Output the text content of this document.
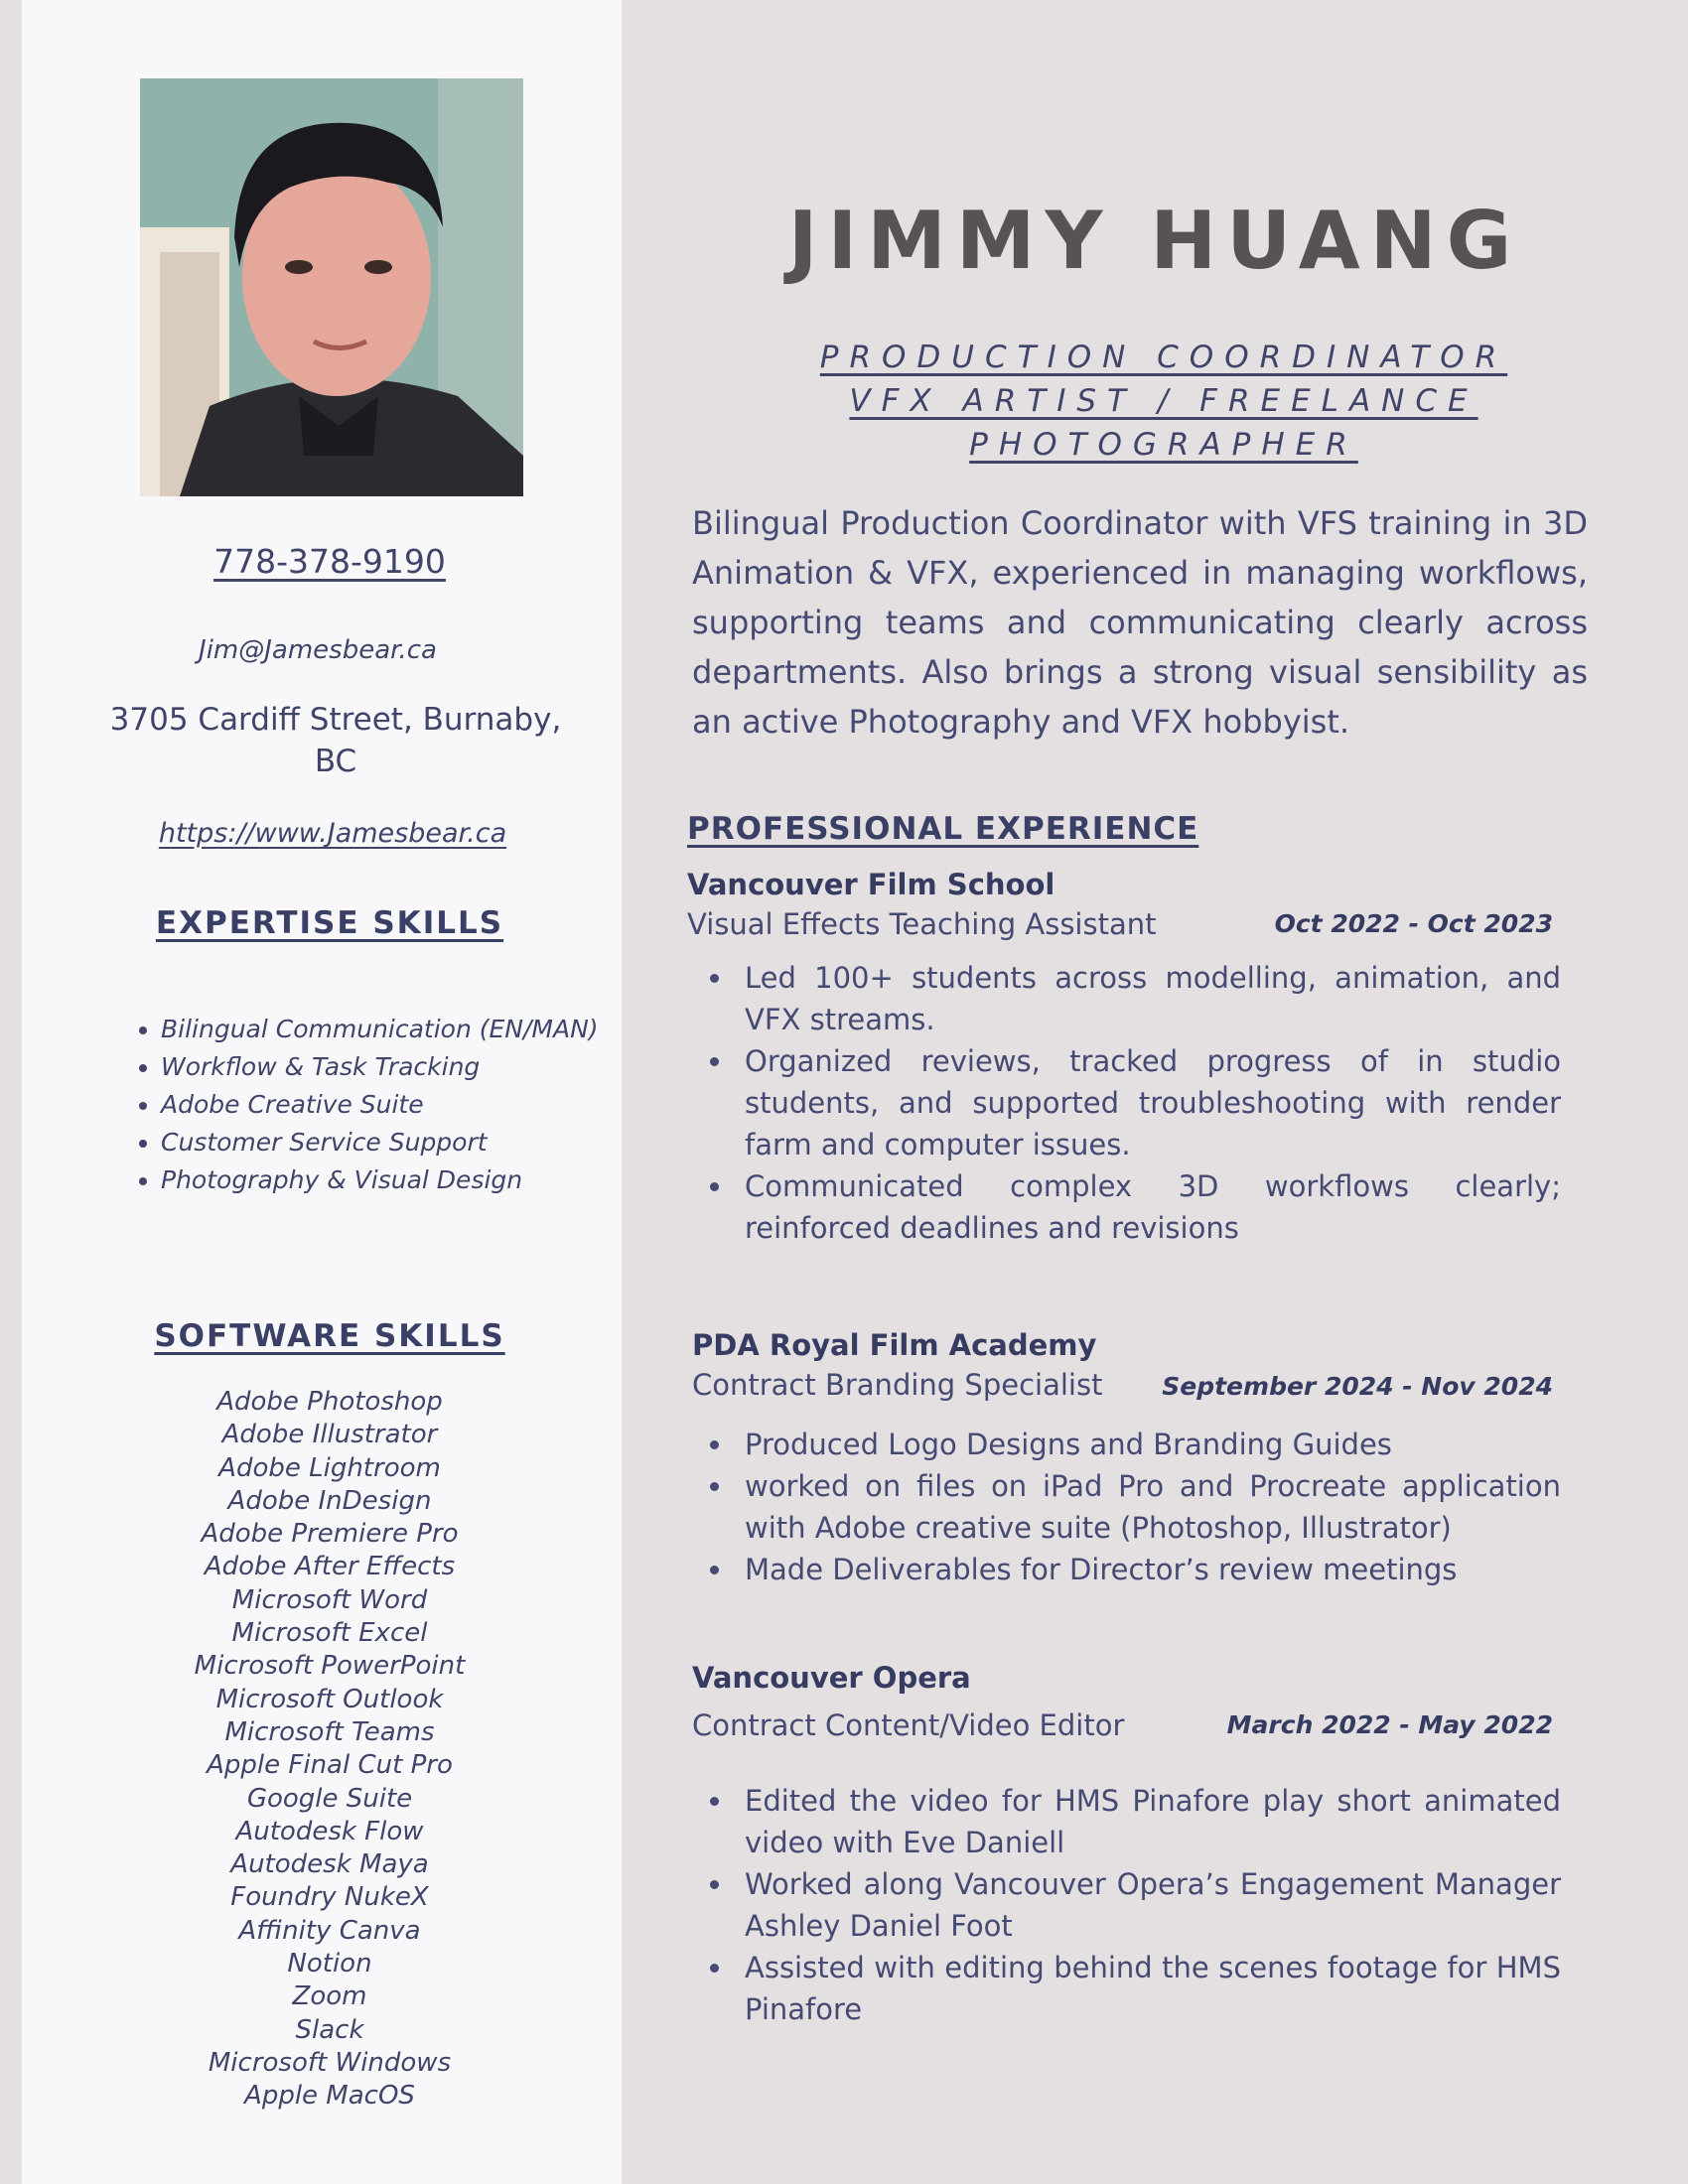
778-378-9190
Jim@Jamesbear.ca
3705 Cardiff Street, Burnaby,
BC
https://www.Jamesbear.ca
EXPERTISE SKILLS
• Bilingual Communication (EN/MAN)
• Workflow & Task Tracking
• Adobe Creative Suite
• Customer Service Support
• Photography & Visual Design
SOFTWARE SKILLS
Adobe Photoshop
Adobe Illustrator
Adobe Lightroom
Adobe InDesign
Adobe Premiere Pro
Adobe After Effects
Microsoft Word
Microsoft Excel
Microsoft PowerPoint
Microsoft Outlook
Microsoft Teams
Apple Final Cut Pro
Google Suite
Autodesk Flow
Autodesk Maya
Foundry NukeX
Affinity Canva
Notion
Zoom
Slack
Microsoft Windows
Apple MacOS
JIMMY HUANG
PRODUCTION COORDINATOR
VFX ARTIST / FREELANCE
PHOTOGRAPHER
Bilingual Production Coordinator with VFS training in 3D Animation & VFX, experienced in managing workflows, supporting teams and communicating clearly across departments. Also brings a strong visual sensibility as an active Photography and VFX hobbyist.
PROFESSIONAL EXPERIENCE
Vancouver Film School
Visual Effects Teaching Assistant	Oct 2022 - Oct 2023
• Led 100+ students across modelling, animation, and VFX streams.
• Organized reviews, tracked progress of in studio students, and supported troubleshooting with render farm and computer issues.
• Communicated complex 3D workflows clearly; reinforced deadlines and revisions
PDA Royal Film Academy
Contract Branding Specialist September 2024 - Nov 2024
• Produced Logo Designs and Branding Guides
• worked on files on iPad Pro and Procreate application with Adobe creative suite (Photoshop, Illustrator)
• Made Deliverables for Director’s review meetings
Vancouver Opera
Contract Content/Video Editor	March 2022 - May 2022
• Edited the video for HMS Pinafore play short animated video with Eve Daniell
• Worked along Vancouver Opera’s Engagement Manager Ashley Daniel Foot
• Assisted with editing behind the scenes footage for HMS Pinafore
